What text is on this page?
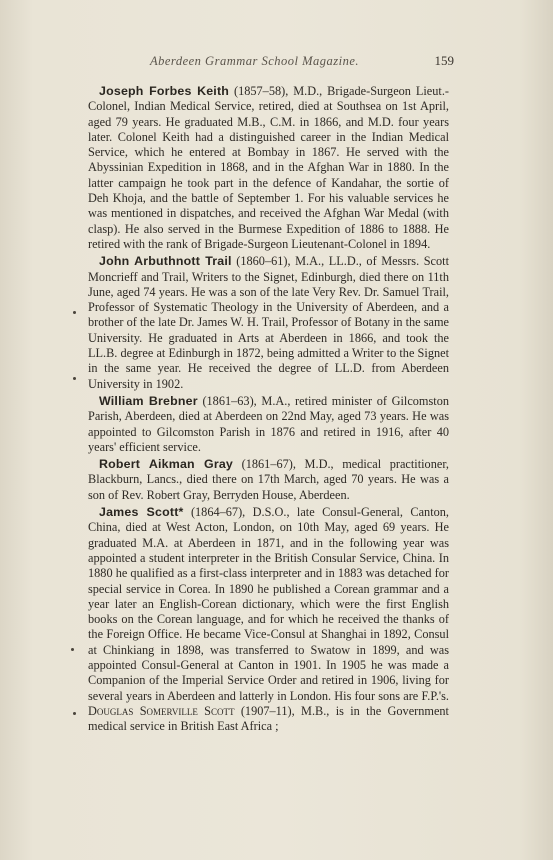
Aberdeen Grammar School Magazine.	159

Joseph Forbes Keith (1857–58), M.D., Brigade-Surgeon Lieut.-Colonel, Indian Medical Service, retired, died at Southsea on 1st April, aged 79 years. He graduated M.B., C.M. in 1866, and M.D. four years later. Colonel Keith had a distinguished career in the Indian Medical Service, which he entered at Bombay in 1867. He served with the Abyssinian Expedition in 1868, and in the Afghan War in 1880. In the latter campaign he took part in the defence of Kandahar, the sortie of Deh Khoja, and the battle of September 1. For his valuable services he was mentioned in dispatches, and received the Afghan War Medal (with clasp). He also served in the Burmese Expedition of 1886 to 1888. He retired with the rank of Brigade-Surgeon Lieutenant-Colonel in 1894.

John Arbuthnott Trail (1860–61), M.A., LL.D., of Messrs. Scott Moncrieff and Trail, Writers to the Signet, Edinburgh, died there on 11th June, aged 74 years. He was a son of the late Very Rev. Dr. Samuel Trail, Professor of Systematic Theology in the University of Aberdeen, and a brother of the late Dr. James W. H. Trail, Professor of Botany in the same University. He graduated in Arts at Aberdeen in 1866, and took the LL.B. degree at Edinburgh in 1872, being admitted a Writer to the Signet in the same year. He received the degree of LL.D. from Aberdeen University in 1902.

William Brebner (1861–63), M.A., retired minister of Gilcomston Parish, Aberdeen, died at Aberdeen on 22nd May, aged 73 years. He was appointed to Gilcomston Parish in 1876 and retired in 1916, after 40 years' efficient service.

Robert Aikman Gray (1861–67), M.D., medical practitioner, Blackburn, Lancs., died there on 17th March, aged 70 years. He was a son of Rev. Robert Gray, Berryden House, Aberdeen.

James Scott* (1864–67), D.S.O., late Consul-General, Canton, China, died at West Acton, London, on 10th May, aged 69 years. He graduated M.A. at Aberdeen in 1871, and in the following year was appointed a student interpreter in the British Consular Service, China. In 1880 he qualified as a first-class interpreter and in 1883 was detached for special service in Corea. In 1890 he published a Corean grammar and a year later an English-Corean dictionary, which were the first English books on the Corean language, and for which he received the thanks of the Foreign Office. He became Vice-Consul at Shanghai in 1892, Consul at Chinkiang in 1898, was transferred to Swatow in 1899, and was appointed Consul-General at Canton in 1901. In 1905 he was made a Companion of the Imperial Service Order and retired in 1906, living for several years in Aberdeen and latterly in London. His four sons are F.P.'s. Douglas Somerville Scott (1907–11), M.B., is in the Government medical service in British East Africa ;
